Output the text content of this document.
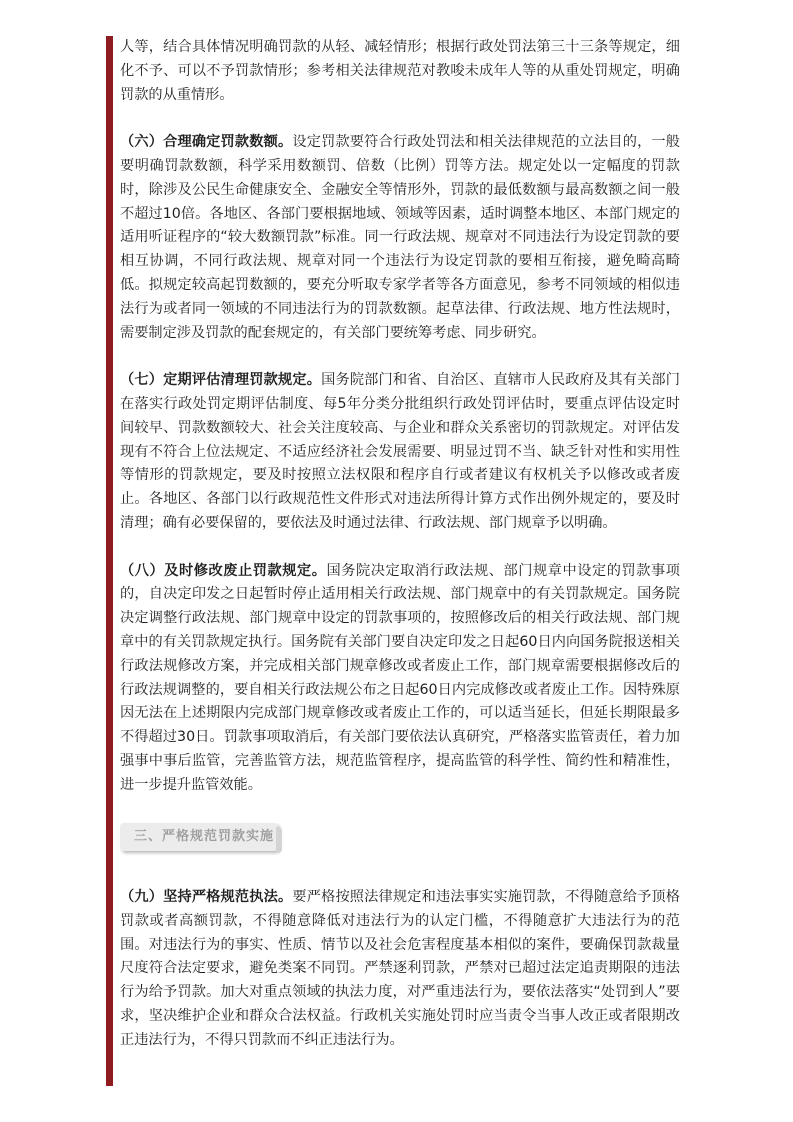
人等，结合具体情况明确罚款的从轻、减轻情形；根据行政处罚法第三十三条等规定，细化不予、可以不予罚款情形；参考相关法律规范对教唆未成年人等的从重处罚规定，明确罚款的从重情形。

（六）合理确定罚款数额。设定罚款要符合行政处罚法和相关法律规范的立法目的，一般要明确罚款数额，科学采用数额罚、倍数（比例）罚等方法。规定处以一定幅度的罚款时，除涉及公民生命健康安全、金融安全等情形外，罚款的最低数额与最高数额之间一般不超过10倍。各地区、各部门要根据地域、领域等因素，适时调整本地区、本部门规定的适用听证程序的“较大数额罚款”标准。同一行政法规、规章对不同违法行为设定罚款的要相互协调，不同行政法规、规章对同一个违法行为设定罚款的要相互衔接，避免畸高畸低。拟规定较高起罚数额的，要充分听取专家学者等各方面意见，参考不同领域的相似违法行为或者同一领域的不同违法行为的罚款数额。起草法律、行政法规、地方性法规时，需要制定涉及罚款的配套规定的，有关部门要统筹考虑、同步研究。

（七）定期评估清理罚款规定。国务院部门和省、自治区、直辖市人民政府及其有关部门在落实行政处罚定期评估制度、每5年分类分批组织行政处罚评估时，要重点评估设定时间较早、罚款数额较大、社会关注度较高、与企业和群众关系密切的罚款规定。对评估发现有不符合上位法规定、不适应经济社会发展需要、明显过罚不当、缺乏针对性和实用性等情形的罚款规定，要及时按照立法权限和程序自行或者建议有权机关予以修改或者废止。各地区、各部门以行政规范性文件形式对违法所得计算方式作出例外规定的，要及时清理；确有必要保留的，要依法及时通过法律、行政法规、部门规章予以明确。

（八）及时修改废止罚款规定。国务院决定取消行政法规、部门规章中设定的罚款事项的，自决定印发之日起暂时停止适用相关行政法规、部门规章中的有关罚款规定。国务院决定调整行政法规、部门规章中设定的罚款事项的，按照修改后的相关行政法规、部门规章中的有关罚款规定执行。国务院有关部门要自决定印发之日起60日内向国务院报送相关行政法规修改方案，并完成相关部门规章修改或者废止工作，部门规章需要根据修改后的行政法规调整的，要自相关行政法规公布之日起60日内完成修改或者废止工作。因特殊原因无法在上述期限内完成部门规章修改或者废止工作的，可以适当延长，但延长期限最多不得超过30日。罚款事项取消后，有关部门要依法认真研究，严格落实监管责任，着力加强事中事后监管，完善监管方法，规范监管程序，提高监管的科学性、简约性和精准性，进一步提升监管效能。

三、严格规范罚款实施

（九）坚持严格规范执法。要严格按照法律规定和违法事实实施罚款，不得随意给予顶格罚款或者高额罚款，不得随意降低对违法行为的认定门槛，不得随意扩大违法行为的范围。对违法行为的事实、性质、情节以及社会危害程度基本相似的案件，要确保罚款裁量尺度符合法定要求，避免类案不同罚。严禁逐利罚款，严禁对已超过法定追责期限的违法行为给予罚款。加大对重点领域的执法力度，对严重违法行为，要依法落实“处罚到人”要求，坚决维护企业和群众合法权益。行政机关实施处罚时应当责令当事人改正或者限期改正违法行为，不得只罚款而不纠正违法行为。
